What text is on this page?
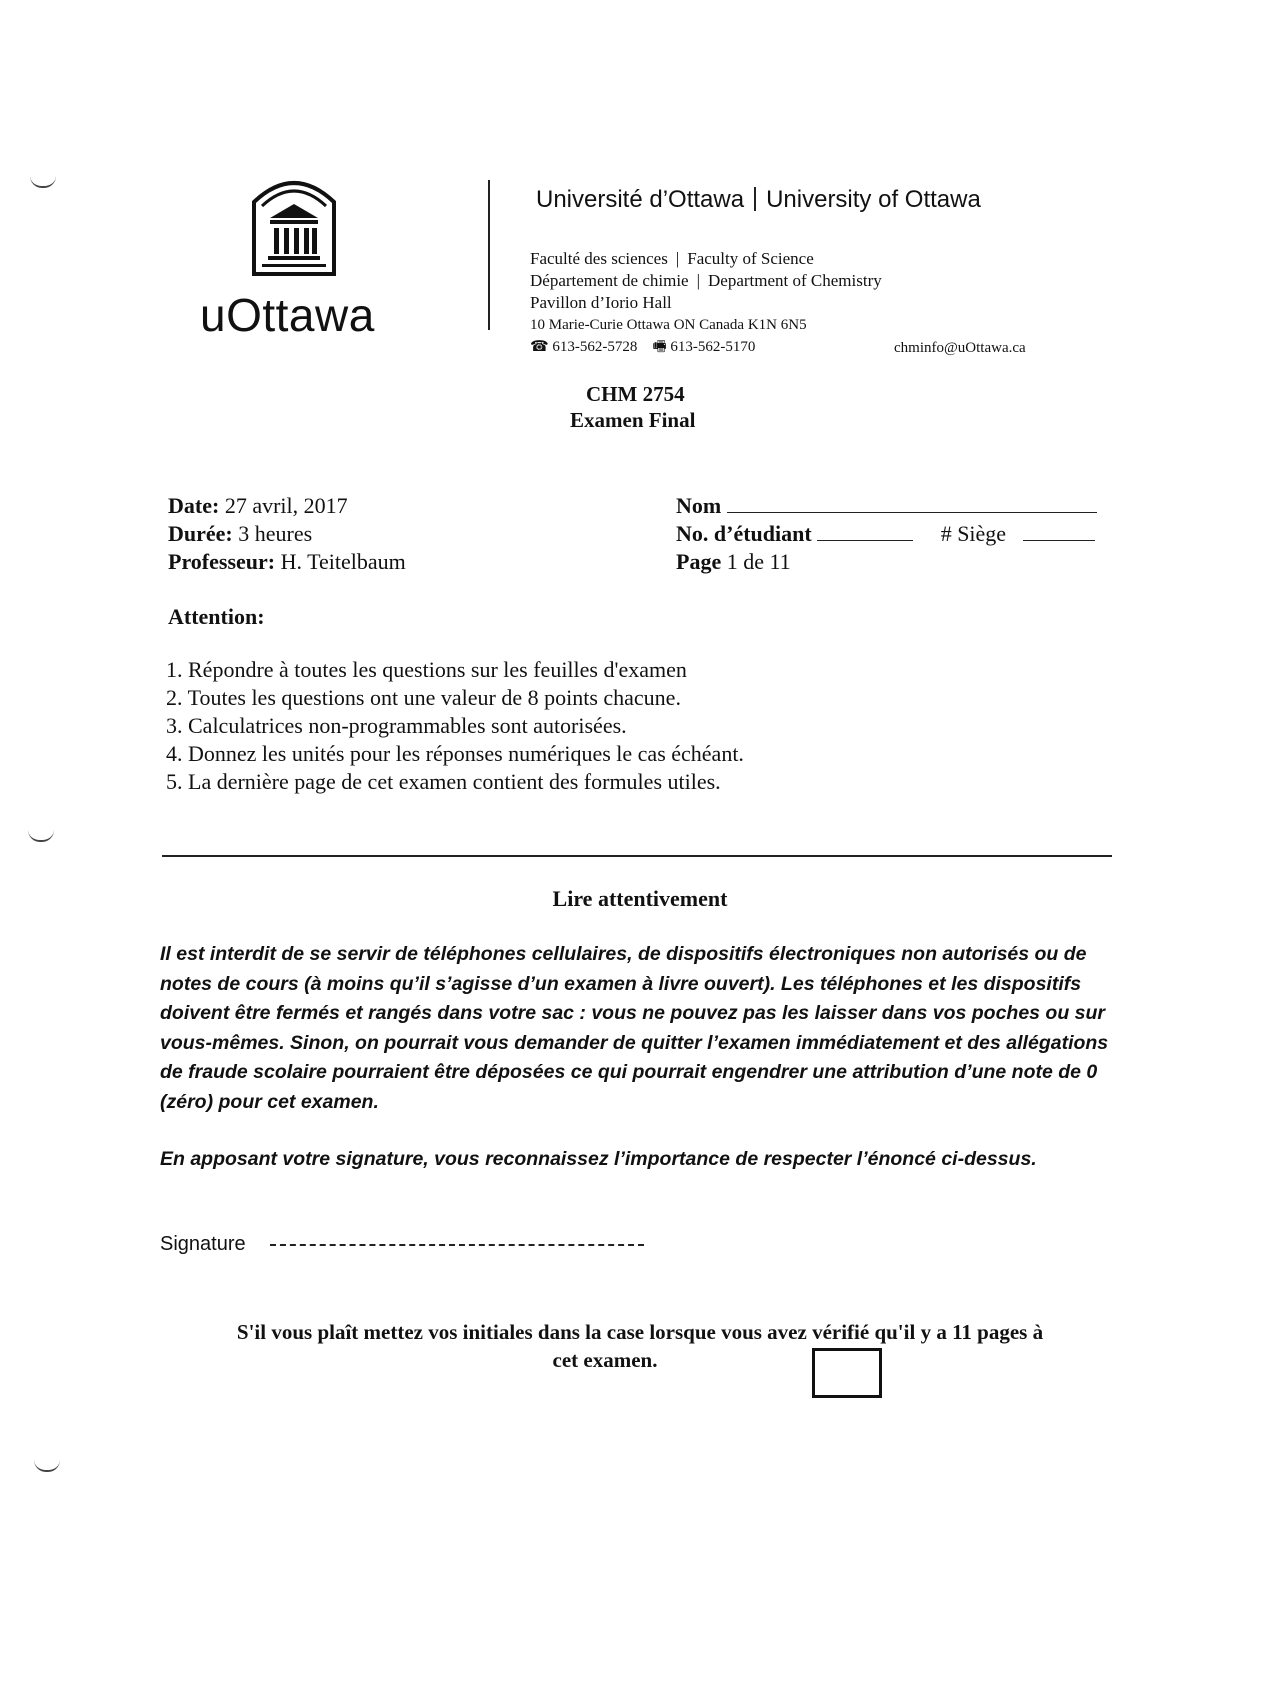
uOttawa
Université d’Ottawa University of Ottawa
Faculté des sciences | Faculty of Science
Département de chimie | Department of Chemistry
Pavillon d’Iorio Hall
10 Marie-Curie Ottawa ON Canada K1N 6N5
☎ 613-562-5728 🖷 613-562-5170	chminfo@uOttawa.ca
CHM 2754
Examen Final
Date: 27 avril, 2017
Durée: 3 heures
Professeur: H. Teitelbaum
Nom
No. d’étudiant	# Siège
Page 1 de 11
Attention:
1. Répondre à toutes les questions sur les feuilles d'examen
2. Toutes les questions ont une valeur de 8 points chacune.
3. Calculatrices non-programmables sont autorisées.
4. Donnez les unités pour les réponses numériques le cas échéant.
5. La dernière page de cet examen contient des formules utiles.
Lire attentivement
Il est interdit de se servir de téléphones cellulaires, de dispositifs électroniques non autorisés ou de notes de cours (à moins qu’il s’agisse d’un examen à livre ouvert). Les téléphones et les dispositifs doivent être fermés et rangés dans votre sac : vous ne pouvez pas les laisser dans vos poches ou sur vous-mêmes. Sinon, on pourrait vous demander de quitter l’examen immédiatement et des allégations de fraude scolaire pourraient être déposées ce qui pourrait engendrer une attribution d’une note de 0 (zéro) pour cet examen.
En apposant votre signature, vous reconnaissez l’importance de respecter l’énoncé ci-dessus.
Signature
S'il vous plaît mettez vos initiales dans la case lorsque vous avez vérifié qu'il y a 11 pages à
cet examen.
